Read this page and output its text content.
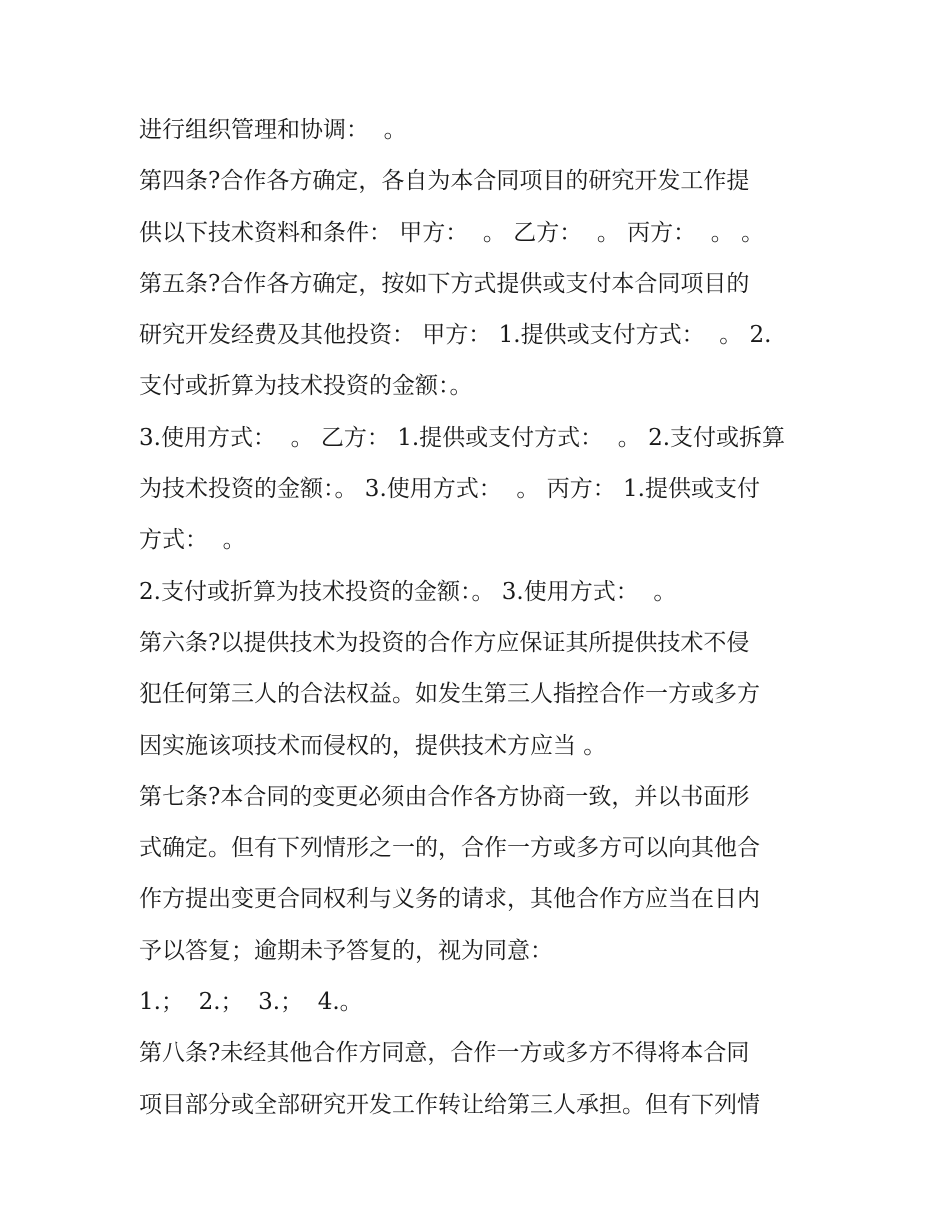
进行组织管理和协调：  。
第四条?合作各方确定，各自为本合同项目的研究开发工作提
供以下技术资料和条件： 甲方：  。 乙方：  。 丙方：  。 。
第五条?合作各方确定，按如下方式提供或支付本合同项目的
研究开发经费及其他投资： 甲方： 1.提供或支付方式：  。 2.
支付或折算为技术投资的金额：。
3.使用方式：  。 乙方： 1.提供或支付方式：  。 2.支付或拆算
为技术投资的金额：。 3.使用方式：  。 丙方： 1.提供或支付
方式：  。
2.支付或折算为技术投资的金额：。 3.使用方式：  。
第六条?以提供技术为投资的合作方应保证其所提供技术不侵
犯任何第三人的合法权益。如发生第三人指控合作一方或多方
因实施该项技术而侵权的，提供技术方应当 。
第七条?本合同的变更必须由合作各方协商一致，并以书面形
式确定。但有下列情形之一的，合作一方或多方可以向其他合
作方提出变更合同权利与义务的请求，其他合作方应当在日内
予以答复；逾期未予答复的，视为同意：
1.；  2.；  3.；  4.。
第八条?未经其他合作方同意，合作一方或多方不得将本合同
项目部分或全部研究开发工作转让给第三人承担。但有下列情
